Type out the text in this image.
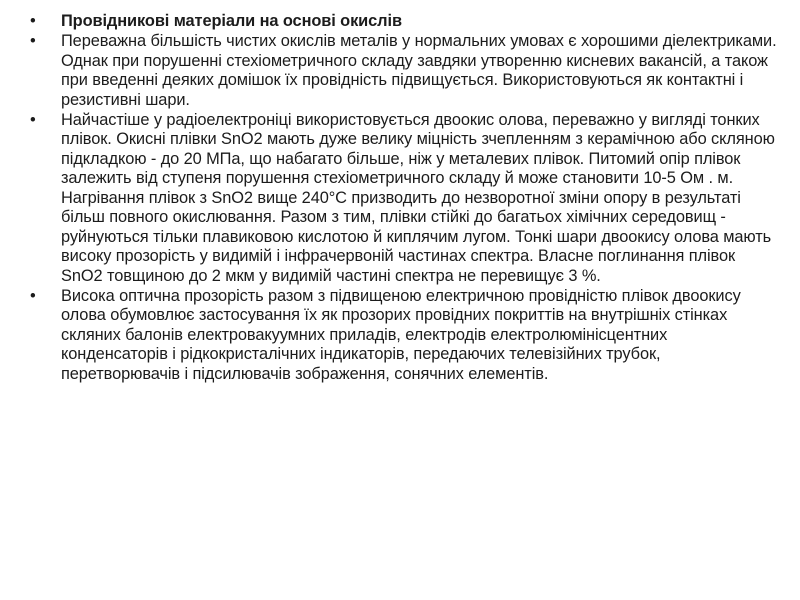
•	Провідникові матеріали на основі окислів
•	Переважна більшість чистих окислів металів у нормальних умовах є хорошими діелектриками. Однак при порушенні стехіометричного складу завдяки утворенню кисневих вакансій, а також при введенні деяких домішок їх провідність підвищується. Використовуються як контактні і резистивні шари.
•	Найчастіше у радіоелектроніці використовується двоокис олова, переважно у вигляді тонких плівок. Окисні плівки SnO2 мають дуже велику міцність зчепленням з керамічною або скляною підкладкою - до 20 МПа, що набагато більше, ніж у металевих плівок. Питомий опір плівок залежить від ступеня порушення стехіометричного складу й може становити 10-5 Ом . м. Нагрівання плівок з SnO2 вище 240°С призводить до незворотної зміни опору в результаті більш повного окислювання. Разом з тим, плівки стійкі до багатьох хімічних середовищ - руйнуються тільки плавиковою кислотою й киплячим лугом. Тонкі шари двоокису олова мають високу прозорість у видимій і інфрачервоній частинах спектра. Власне поглинання плівок SnO2 товщиною до 2 мкм у видимій частині спектра не перевищує 3 %.
•	Висока оптична прозорість разом з підвищеною електричною провідністю плівок двоокису олова обумовлює застосування їх як прозорих провідних покриттів на внутрішніх стінках скляних балонів електровакуумних приладів, електродів електролюмінісцентних конденсаторів і рідкокристалічних індикаторів, передаючих телевізійних трубок, перетворювачів і підсилювачів зображення, сонячних елементів.
